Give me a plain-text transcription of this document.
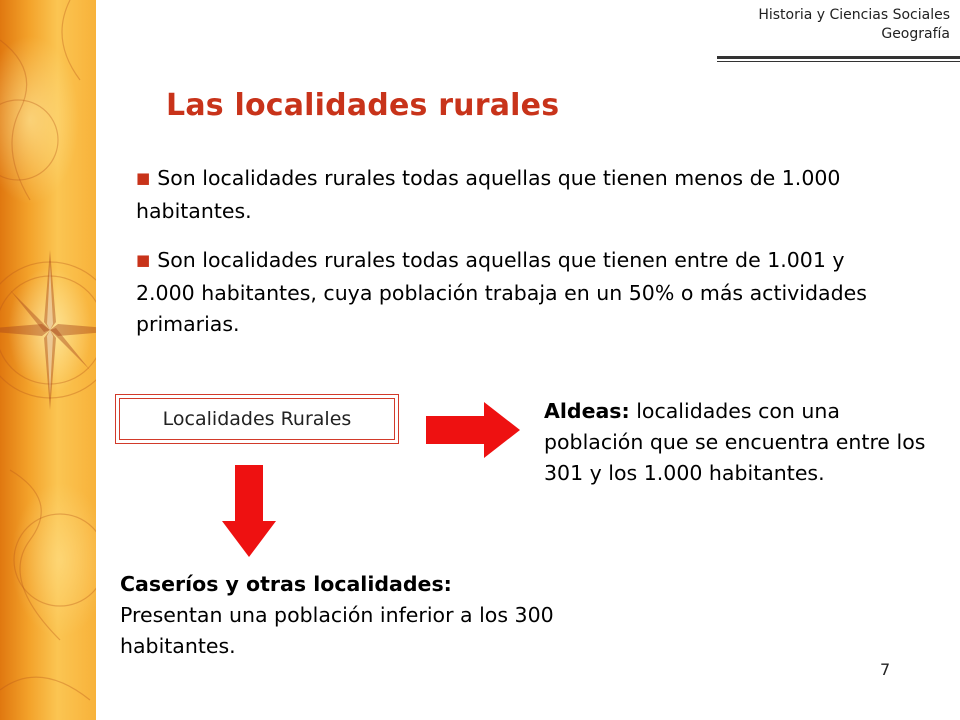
Historia y Ciencias Sociales
Geografía
Las localidades rurales

■ Son localidades rurales todas aquellas que tienen menos de 1.000 habitantes.

■ Son localidades rurales todas aquellas que tienen entre de 1.001 y 2.000 habitantes, cuya población trabaja en un 50% o más actividades primarias.

Localidades Rurales	Aldeas: localidades con una población que se encuentra entre los 301 y los 1.000 habitantes.

Caseríos y otras localidades:
Presentan una población inferior a los 300 habitantes.

7
